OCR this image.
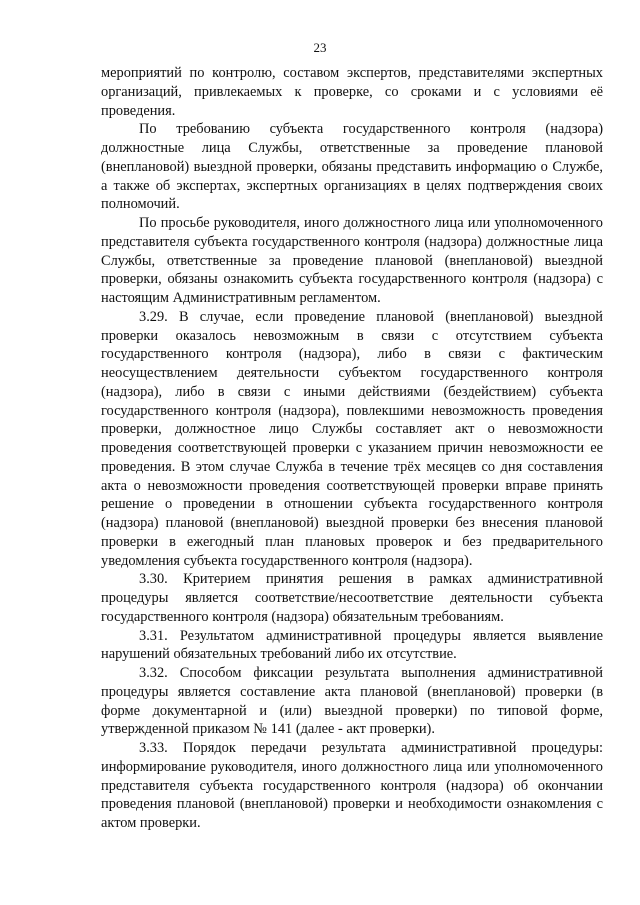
23

мероприятий по контролю, составом экспертов, представителями экспертных организаций, привлекаемых к проверке, со сроками и с условиями её проведения.

По требованию субъекта государственного контроля (надзора) должностные лица Службы, ответственные за проведение плановой (внеплановой) выездной проверки, обязаны представить информацию о Службе, а также об экспертах, экспертных организациях в целях подтверждения своих полномочий.

По просьбе руководителя, иного должностного лица или уполномоченного представителя субъекта государственного контроля (надзора) должностные лица Службы, ответственные за проведение плановой (внеплановой) выездной проверки, обязаны ознакомить субъекта государственного контроля (надзора) с настоящим Административным регламентом.

3.29. В случае, если проведение плановой (внеплановой) выездной проверки оказалось невозможным в связи с отсутствием субъекта государственного контроля (надзора), либо в связи с фактическим неосуществлением деятельности субъектом государственного контроля (надзора), либо в связи с иными действиями (бездействием) субъекта государственного контроля (надзора), повлекшими невозможность проведения проверки, должностное лицо Службы составляет акт о невозможности проведения соответствующей проверки с указанием причин невозможности ее проведения. В этом случае Служба в течение трёх месяцев со дня составления акта о невозможности проведения соответствующей проверки вправе принять решение о проведении в отношении субъекта государственного контроля (надзора) плановой (внеплановой) выездной проверки без внесения плановой проверки в ежегодный план плановых проверок и без предварительного уведомления субъекта государственного контроля (надзора).

3.30. Критерием принятия решения в рамках административной процедуры является соответствие/несоответствие деятельности субъекта государственного контроля (надзора) обязательным требованиям.

3.31. Результатом административной процедуры является выявление нарушений обязательных требований либо их отсутствие.

3.32. Способом фиксации результата выполнения административной процедуры является составление акта плановой (внеплановой) проверки (в форме документарной и (или) выездной проверки) по типовой форме, утвержденной приказом № 141 (далее - акт проверки).

3.33. Порядок передачи результата административной процедуры: информирование руководителя, иного должностного лица или уполномоченного представителя субъекта государственного контроля (надзора) об окончании проведения плановой (внеплановой) проверки и необходимости ознакомления с актом проверки.
